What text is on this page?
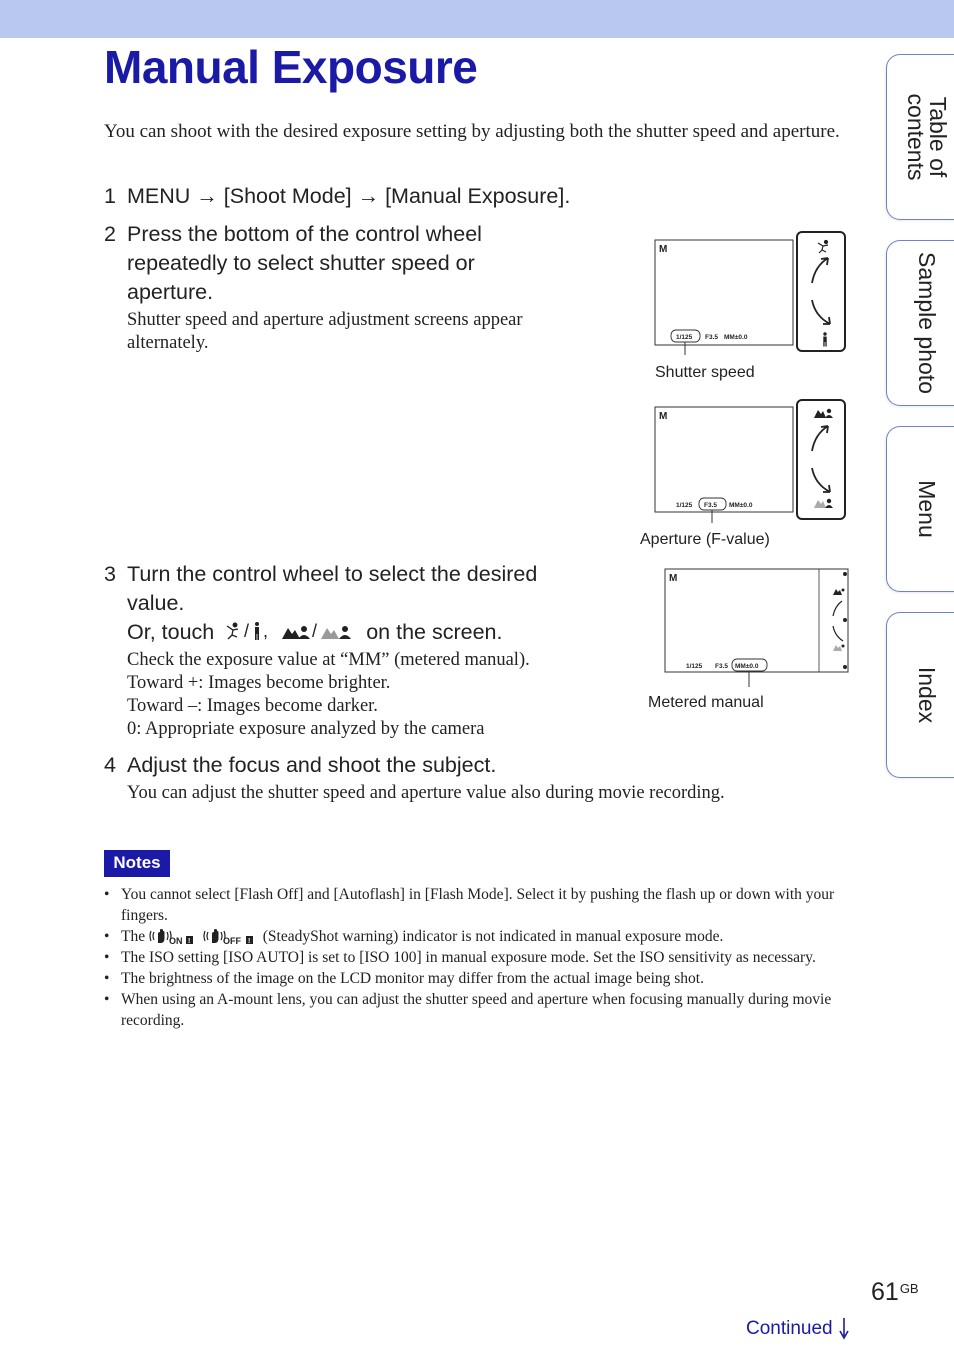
Manual Exposure

You can shoot with the desired exposure setting by adjusting both the shutter speed and aperture.

1 MENU → [Shoot Mode] → [Manual Exposure].
2 Press the bottom of the control wheel
repeatedly to select shutter speed or
aperture.
Shutter speed and aperture adjustment screens appear
alternately.
3 Turn the control wheel to select the desired
value.
Or, touch / , / on the screen.
Check the exposure value at “MM” (metered manual).
Toward +: Images become brighter.
Toward –: Images become darker.
0: Appropriate exposure analyzed by the camera
4 Adjust the focus and shoot the subject.
You can adjust the shutter speed and aperture value also during movie recording.
M
1/125 F3.5 MM±0.0
Shutter speed
M
1/125 F3.5 MM±0.0
Aperture (F-value)
M
1/125 F3.5 MM±0.0
Metered manual
Notes
• You cannot select [Flash Off] and [Autoflash] in [Flash Mode]. Select it by pushing the flash up or down with your fingers.
• The	ON !
	OFF ! (SteadyShot warning) indicator is not indicated in manual exposure mode.
• The ISO setting [ISO AUTO] is set to [ISO 100] in manual exposure mode. Set the ISO sensitivity as necessary.
• The brightness of the image on the LCD monitor may differ from the actual image being shot.
• When using an A-mount lens, you can adjust the shutter speed and aperture when focusing manually during movie recording.
Table of
contents
Sample photo
Menu
Index
$61^{GB}$
Continued
